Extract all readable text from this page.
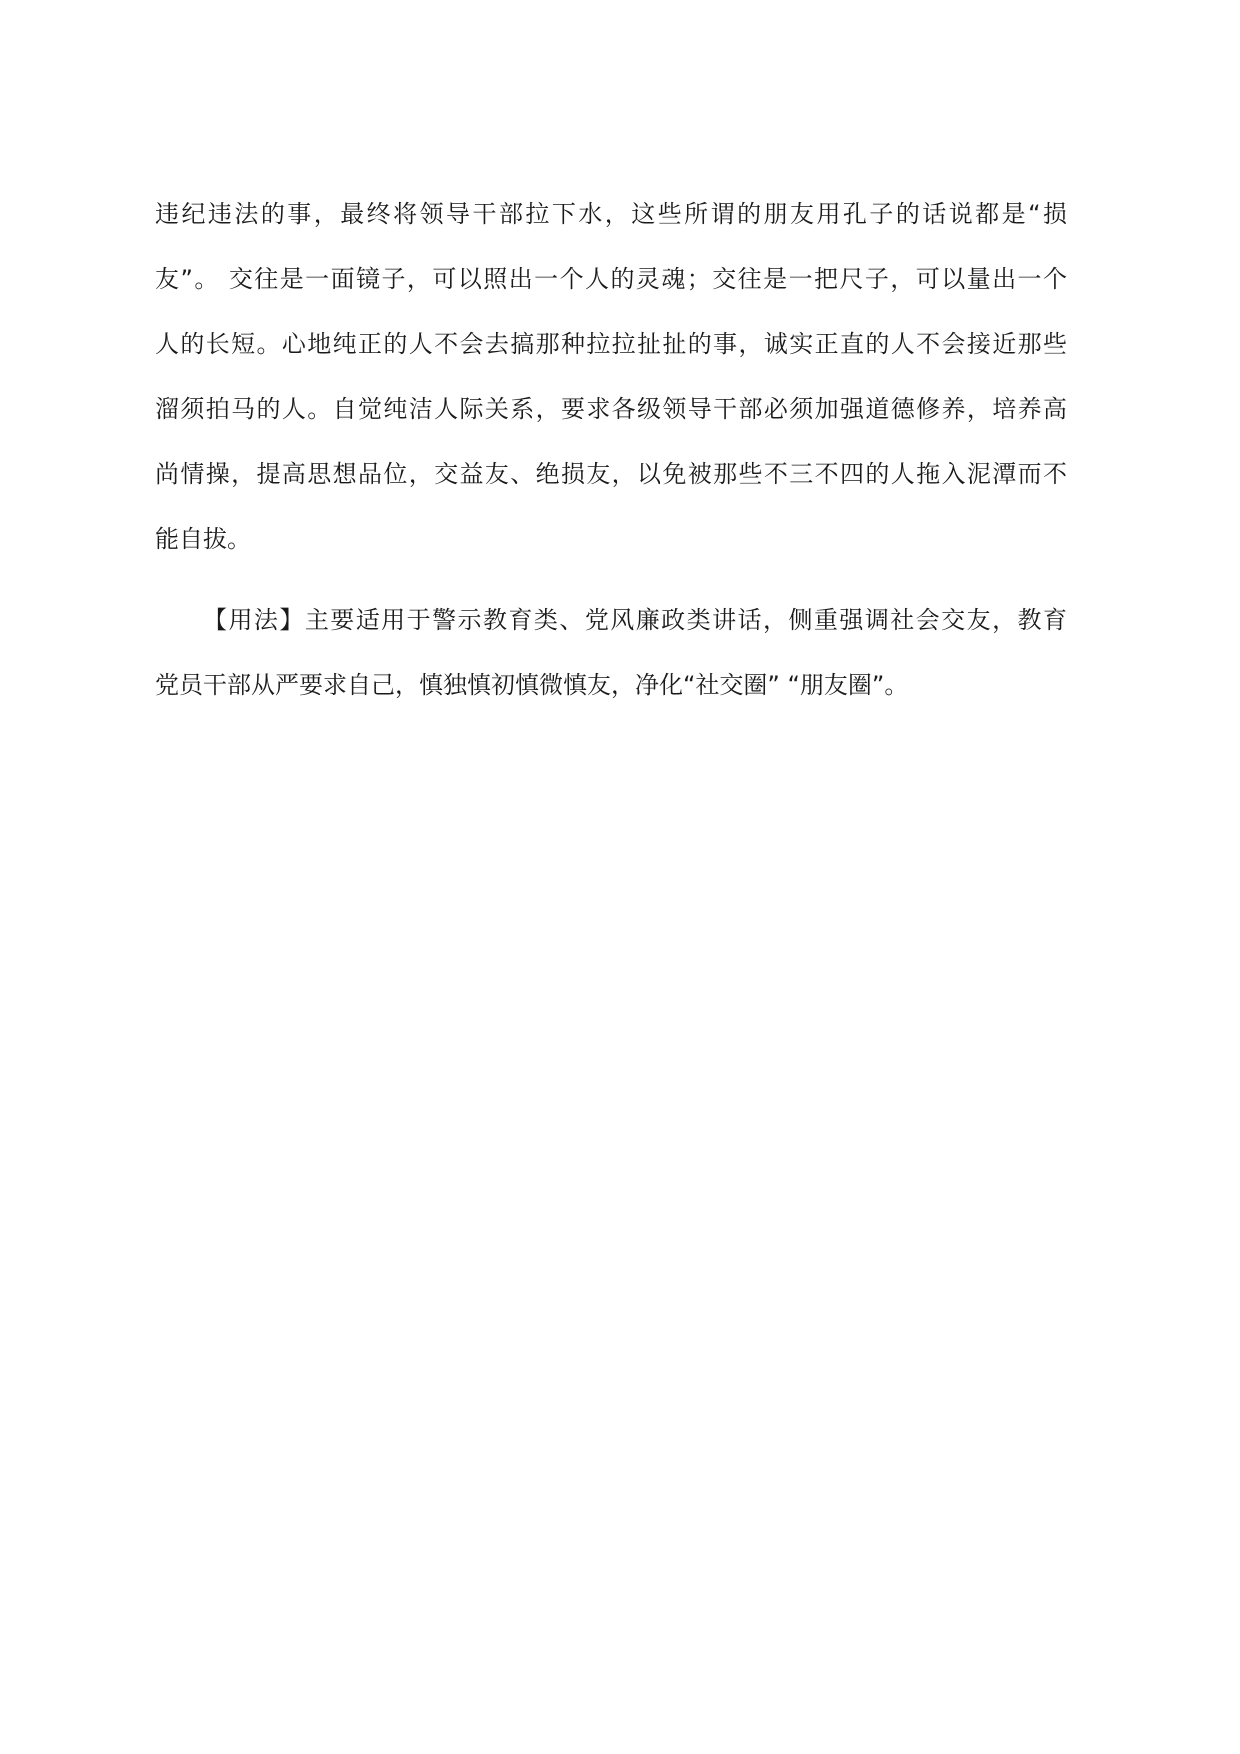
违纪违法的事，最终将领导干部拉下水，这些所谓的朋友用孔子的话说都是“损
友”。 交往是一面镜子，可以照出一个人的灵魂；交往是一把尺子，可以量出一个
人的长短。心地纯正的人不会去搞那种拉拉扯扯的事，诚实正直的人不会接近那些
溜须拍马的人。自觉纯洁人际关系，要求各级领导干部必须加强道德修养，培养高
尚情操，提高思想品位，交益友、绝损友，以免被那些不三不四的人拖入泥潭而不
能自拔。
【用法】主要适用于警示教育类、党风廉政类讲话，侧重强调社会交友，教育
党员干部从严要求自己，慎独慎初慎微慎友，净化“社交圈” “朋友圈”。
